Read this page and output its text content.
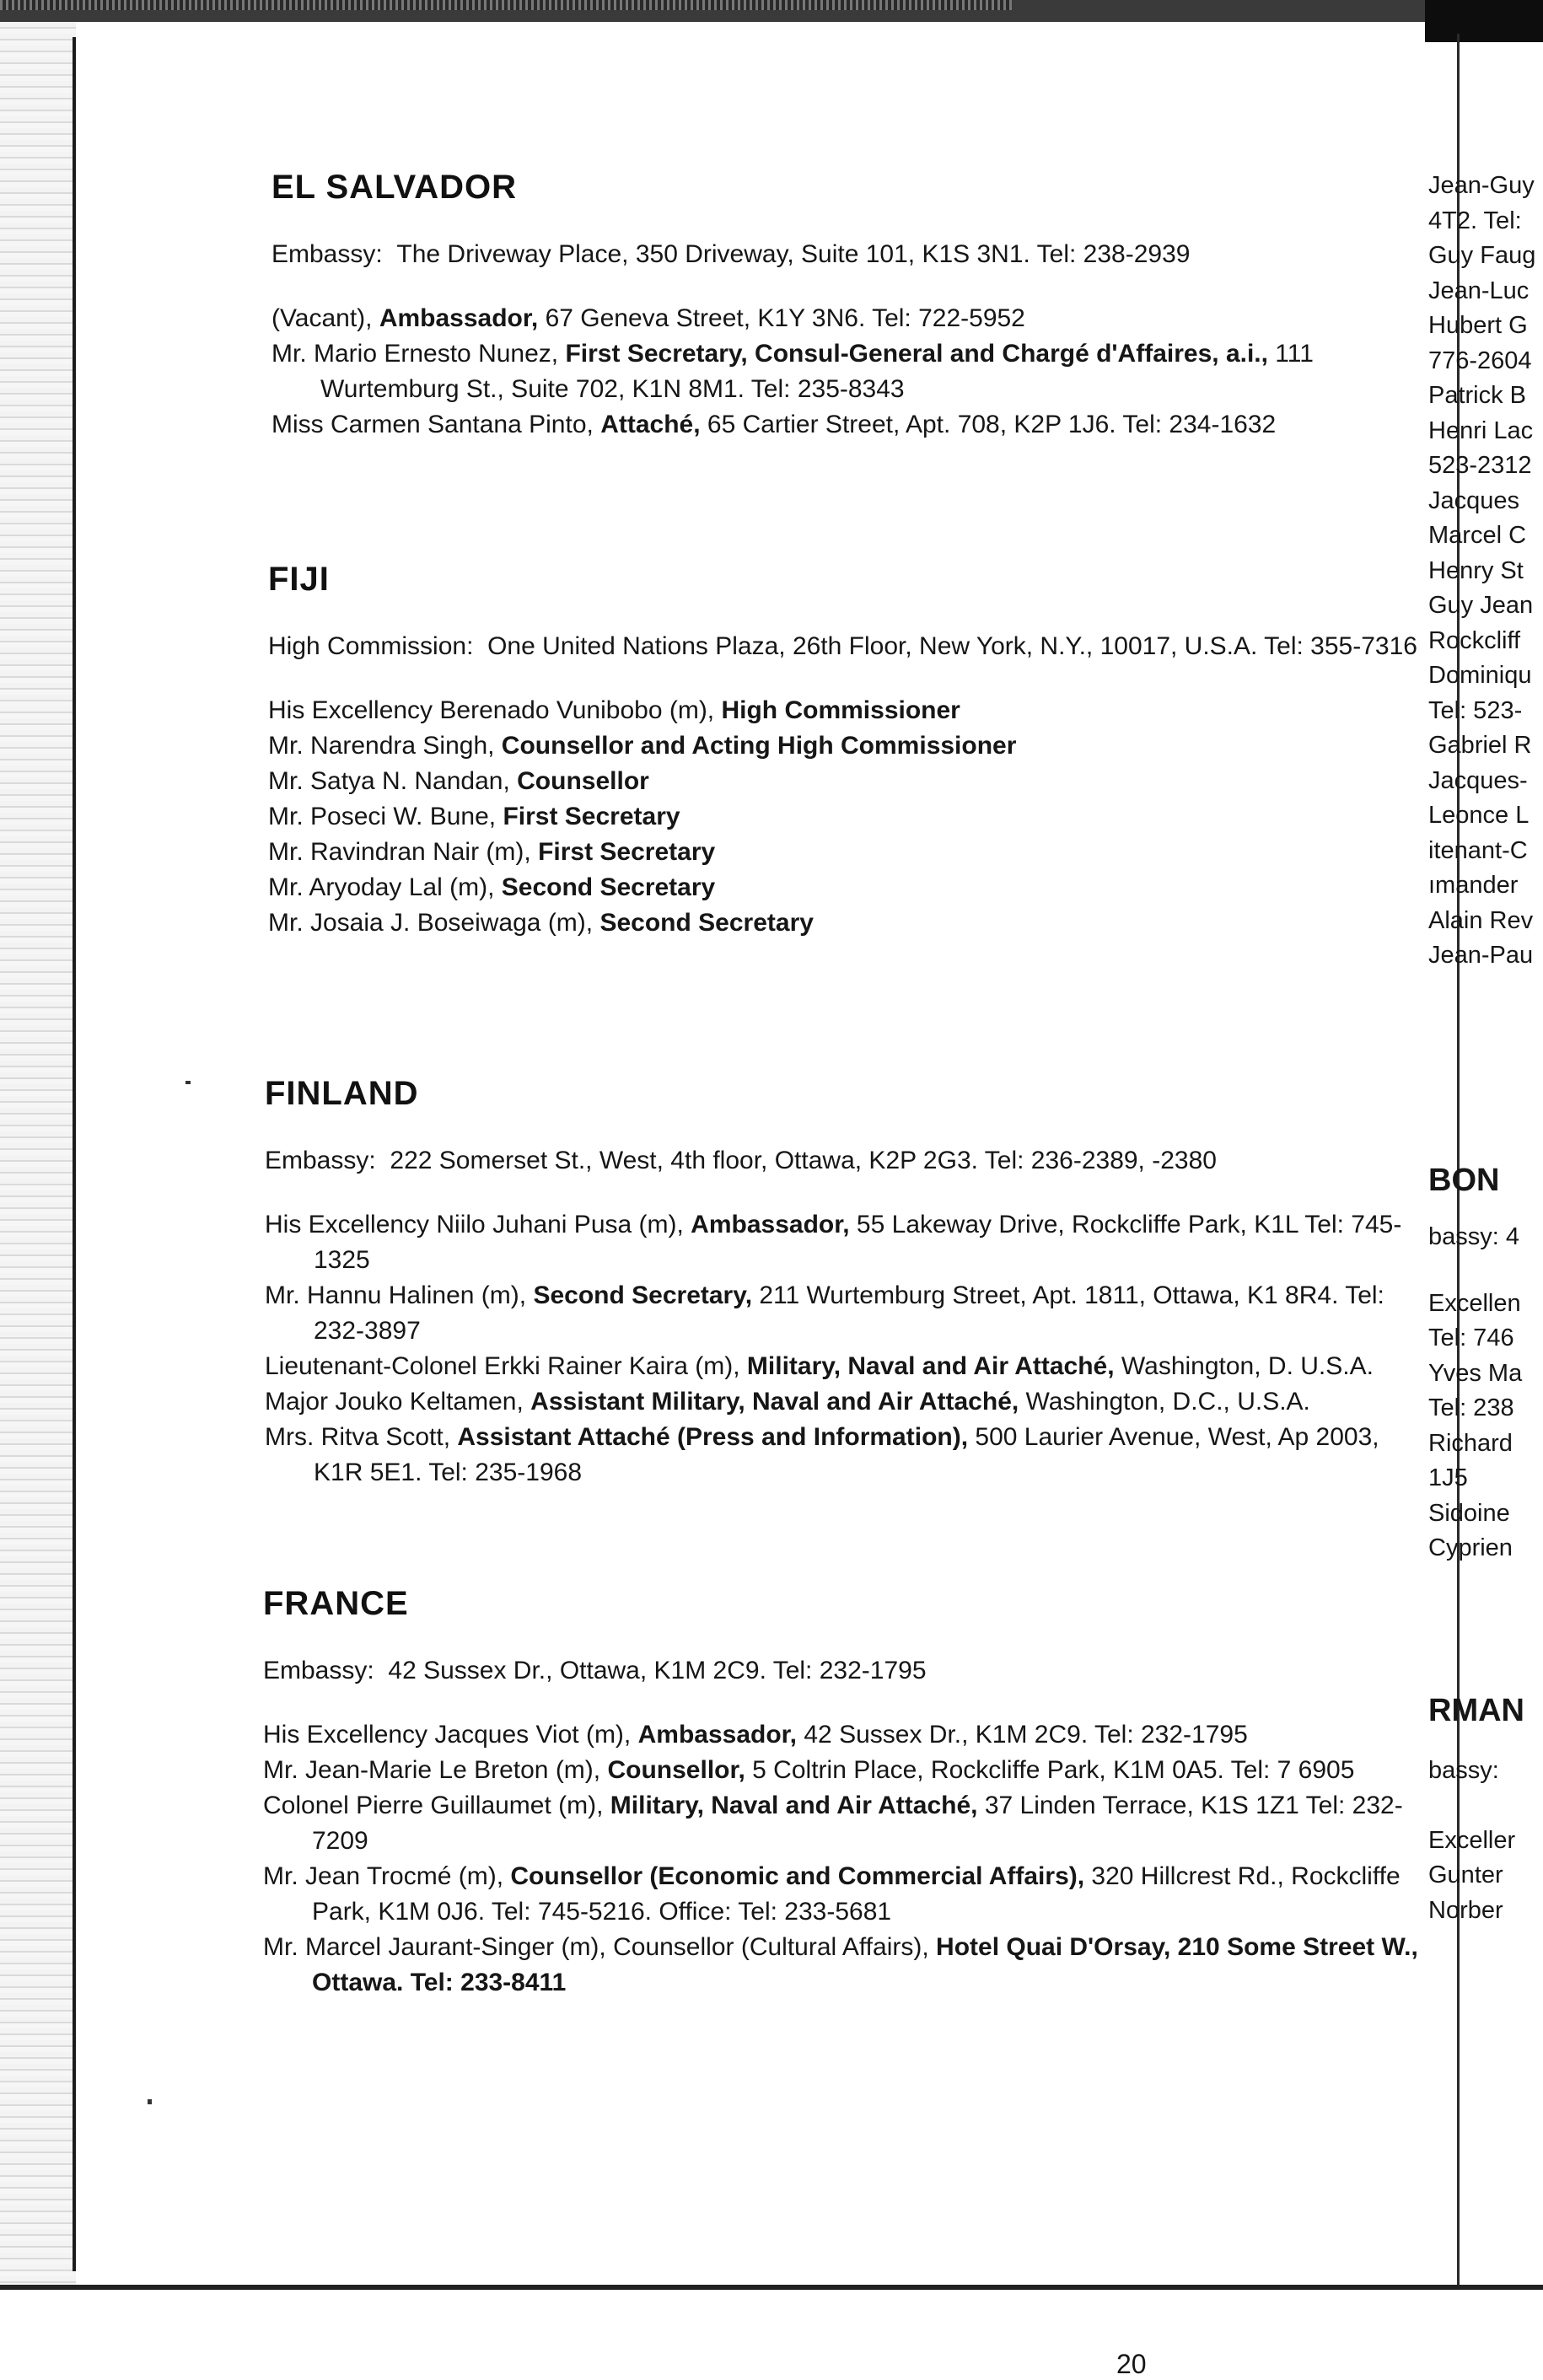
EL SALVADOR
Embassy:
The Driveway Place, 350 Driveway, Suite 101, K1S 3N1. Tel: 238-2939
(Vacant), Ambassador, 67 Geneva Street, K1Y 3N6. Tel: 722-5952
Mr. Mario Ernesto Nunez, First Secretary, Consul-General and Chargé d'Affaires, a.i., 111 Wurtemburg St., Suite 702, K1N 8M1. Tel: 235-8343
Miss Carmen Santana Pinto, Attaché, 65 Cartier Street, Apt. 708, K2P 1J6. Tel: 234-1632
FIJI
High Commission:
One United Nations Plaza, 26th Floor, New York, N.Y., 10017, U.S.A. Tel: 355-7316
His Excellency Berenado Vunibobo (m), High Commissioner
Mr. Narendra Singh, Counsellor and Acting High Commissioner
Mr. Satya N. Nandan, Counsellor
Mr. Poseci W. Bune, First Secretary
Mr. Ravindran Nair (m), First Secretary
Mr. Aryoday Lal (m), Second Secretary
Mr. Josaia J. Boseiwaga (m), Second Secretary
FINLAND
Embassy:
222 Somerset St., West, 4th floor, Ottawa, K2P 2G3. Tel: 236-2389, -2380
His Excellency Niilo Juhani Pusa (m), Ambassador, 55 Lakeway Drive, Rockcliffe Park, K1L Tel: 745-1325
Mr. Hannu Halinen (m), Second Secretary, 211 Wurtemburg Street, Apt. 1811, Ottawa, K1 8R4. Tel: 232-3897
Lieutenant-Colonel Erkki Rainer Kaira (m), Military, Naval and Air Attaché, Washington, D. U.S.A.
Major Jouko Keltamen, Assistant Military, Naval and Air Attaché, Washington, D.C., U.S.A.
Mrs. Ritva Scott, Assistant Attaché (Press and Information), 500 Laurier Avenue, West, Ap 2003, K1R 5E1. Tel: 235-1968
FRANCE
Embassy:
42 Sussex Dr., Ottawa, K1M 2C9. Tel: 232-1795
His Excellency Jacques Viot (m), Ambassador, 42 Sussex Dr., K1M 2C9. Tel: 232-1795
Mr. Jean-Marie Le Breton (m), Counsellor, 5 Coltrin Place, Rockcliffe Park, K1M 0A5. Tel: 7 6905
Colonel Pierre Guillaumet (m), Military, Naval and Air Attaché, 37 Linden Terrace, K1S 1Z1 Tel: 232-7209
Mr. Jean Trocmé (m), Counsellor (Economic and Commercial Affairs), 320 Hillcrest Rd., Rockcliffe Park, K1M 0J6. Tel: 745-5216. Office: Tel: 233-5681
Mr. Marcel Jaurant-Singer (m), Counsellor (Cultural Affairs), Hotel Quai D'Orsay, 210 Some Street W., Ottawa. Tel: 233-8411
20
Jean-Guy
4T2. Tel:
Guy Faug
Jean-Luc
Hubert G
776-2604
Patrick B
Henri Lac
523-2312
Jacques
Marcel C
Henry St
Guy Jean
Rockcliff
Dominiqu
Tel: 523-
Gabriel R
Jacques-
Leonce L
itenant-C
ımander
Alain Rev
Jean-Pau
BON
bassy: 4
Excellen
Tel: 746
Yves Ma
Tel: 238
Richard
1J5
Sidoine
Cyprien
RMAN
bassy:
Exceller
Gunter
Norber
